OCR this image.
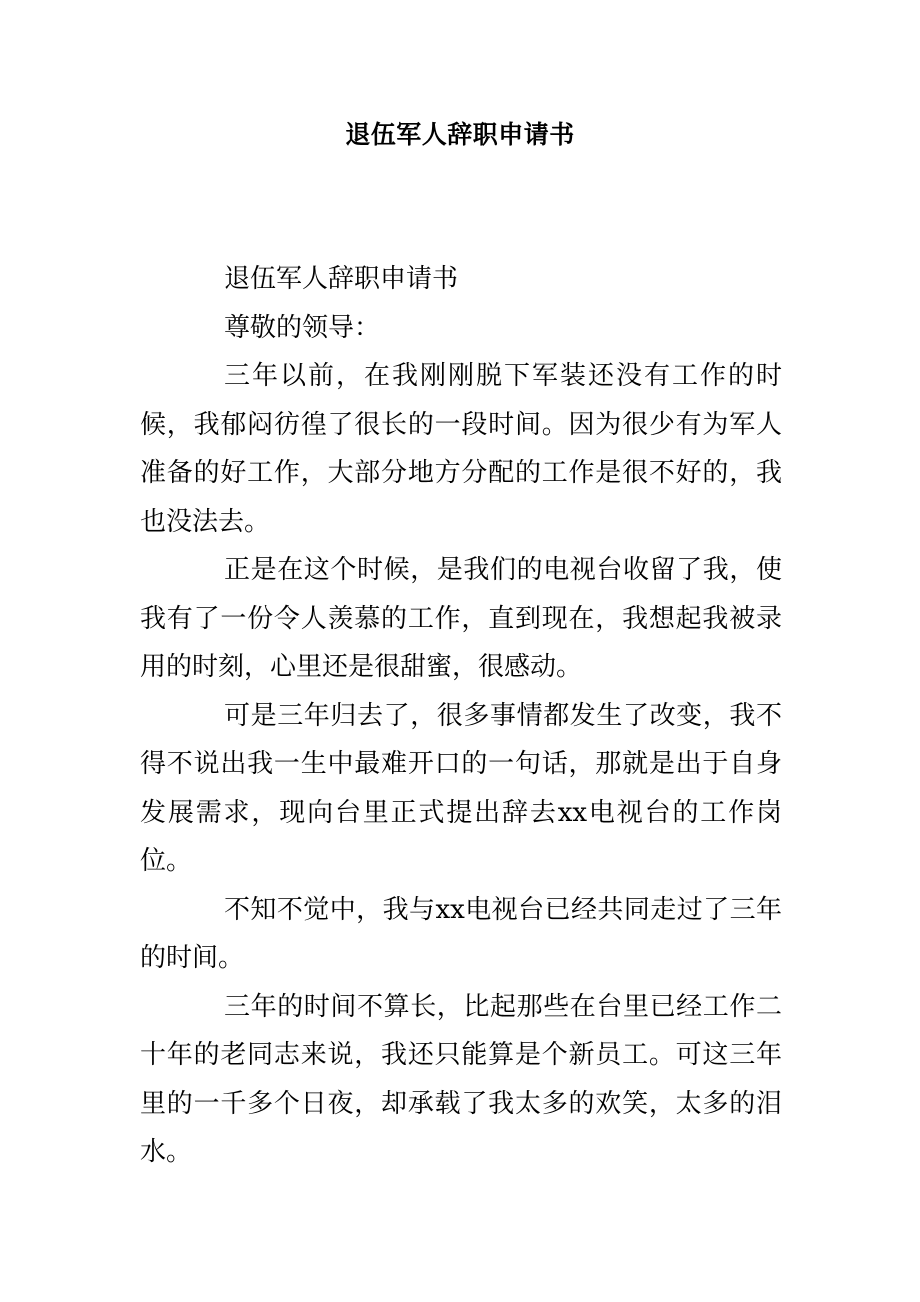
退伍军人辞职申请书

退伍军人辞职申请书

尊敬的领导：

三年以前，在我刚刚脱下军装还没有工作的时候，我郁闷彷徨了很长的一段时间。因为很少有为军人准备的好工作，大部分地方分配的工作是很不好的，我也没法去。

正是在这个时候，是我们的电视台收留了我，使我有了一份令人羡慕的工作，直到现在，我想起我被录用的时刻，心里还是很甜蜜，很感动。

可是三年归去了，很多事情都发生了改变，我不得不说出我一生中最难开口的一句话，那就是出于自身发展需求，现向台里正式提出辞去xx电视台的工作岗位。

不知不觉中，我与xx电视台已经共同走过了三年的时间。

三年的时间不算长，比起那些在台里已经工作二十年的老同志来说，我还只能算是个新员工。可这三年里的一千多个日夜，却承载了我太多的欢笑，太多的泪水。
